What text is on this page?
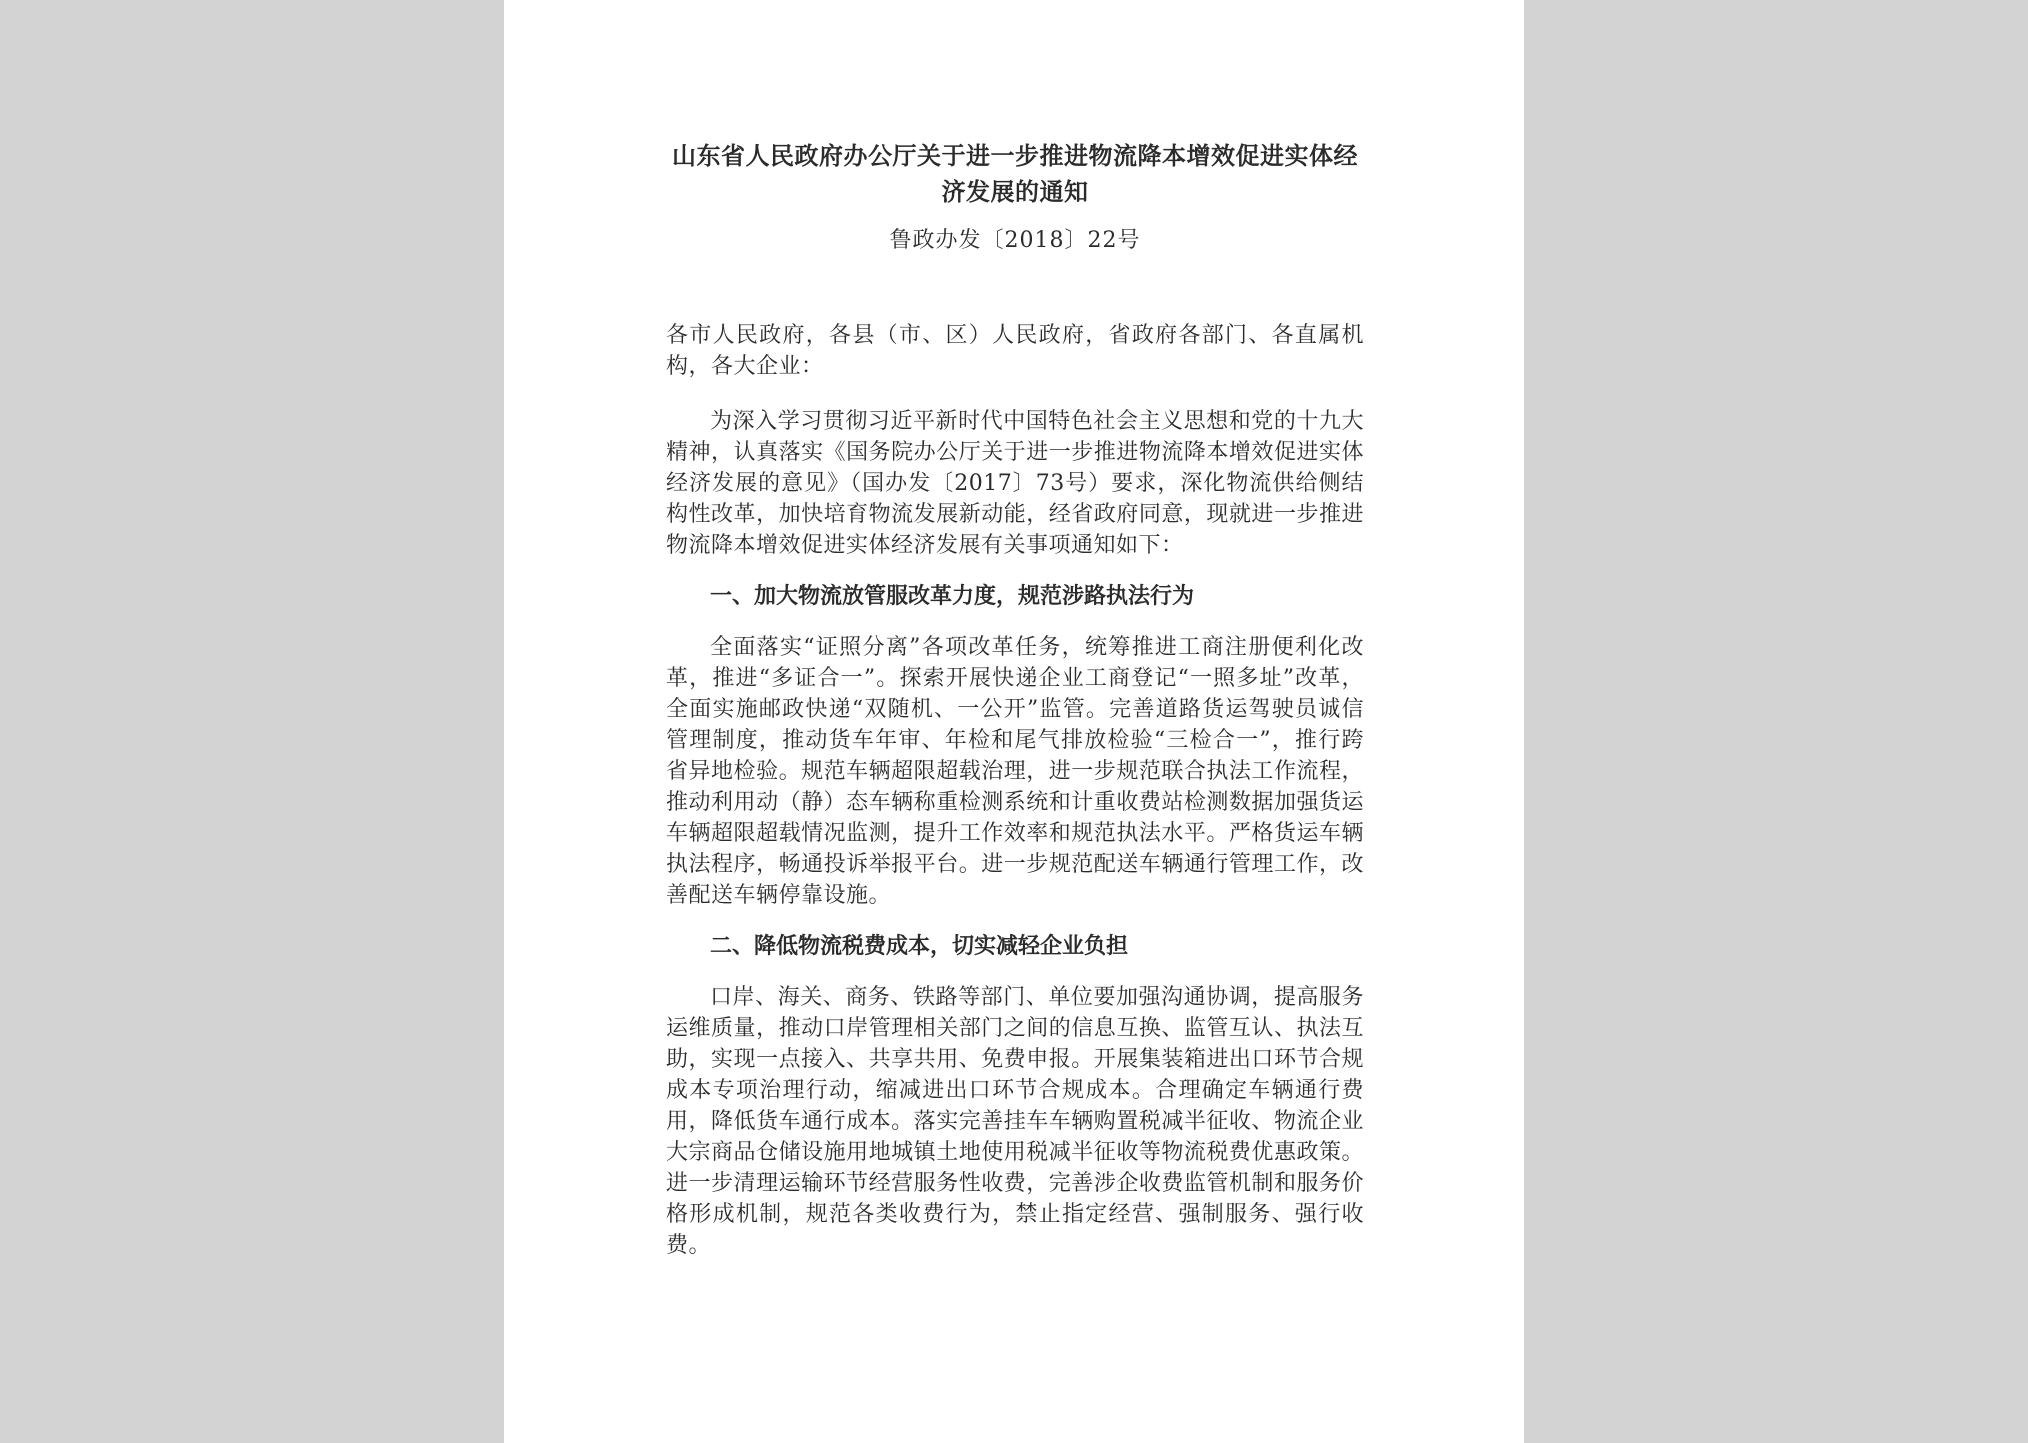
山东省人民政府办公厅关于进一步推进物流降本增效促进实体经济发展的通知
鲁政办发〔2018〕22号
各市人民政府，各县（市、区）人民政府，省政府各部门、各直属机构，各大企业：

为深入学习贯彻习近平新时代中国特色社会主义思想和党的十九大精神，认真落实《国务院办公厅关于进一步推进物流降本增效促进实体经济发展的意见》（国办发〔2017〕73号）要求，深化物流供给侧结构性改革，加快培育物流发展新动能，经省政府同意，现就进一步推进物流降本增效促进实体经济发展有关事项通知如下：

一、加大物流放管服改革力度，规范涉路执法行为

全面落实“证照分离”各项改革任务，统筹推进工商注册便利化改革，推进“多证合一”。探索开展快递企业工商登记“一照多址”改革，全面实施邮政快递“双随机、一公开”监管。完善道路货运驾驶员诚信管理制度，推动货车年审、年检和尾气排放检验“三检合一”，推行跨省异地检验。规范车辆超限超载治理，进一步规范联合执法工作流程，推动利用动（静）态车辆称重检测系统和计重收费站检测数据加强货运车辆超限超载情况监测，提升工作效率和规范执法水平。严格货运车辆执法程序，畅通投诉举报平台。进一步规范配送车辆通行管理工作，改善配送车辆停靠设施。

二、降低物流税费成本，切实减轻企业负担

口岸、海关、商务、铁路等部门、单位要加强沟通协调，提高服务运维质量，推动口岸管理相关部门之间的信息互换、监管互认、执法互助，实现一点接入、共享共用、免费申报。开展集装箱进出口环节合规成本专项治理行动，缩减进出口环节合规成本。合理确定车辆通行费用，降低货车通行成本。落实完善挂车车辆购置税减半征收、物流企业大宗商品仓储设施用地城镇土地使用税减半征收等物流税费优惠政策。进一步清理运输环节经营服务性收费，完善涉企收费监管机制和服务价格形成机制，规范各类收费行为，禁止指定经营、强制服务、强行收费。
